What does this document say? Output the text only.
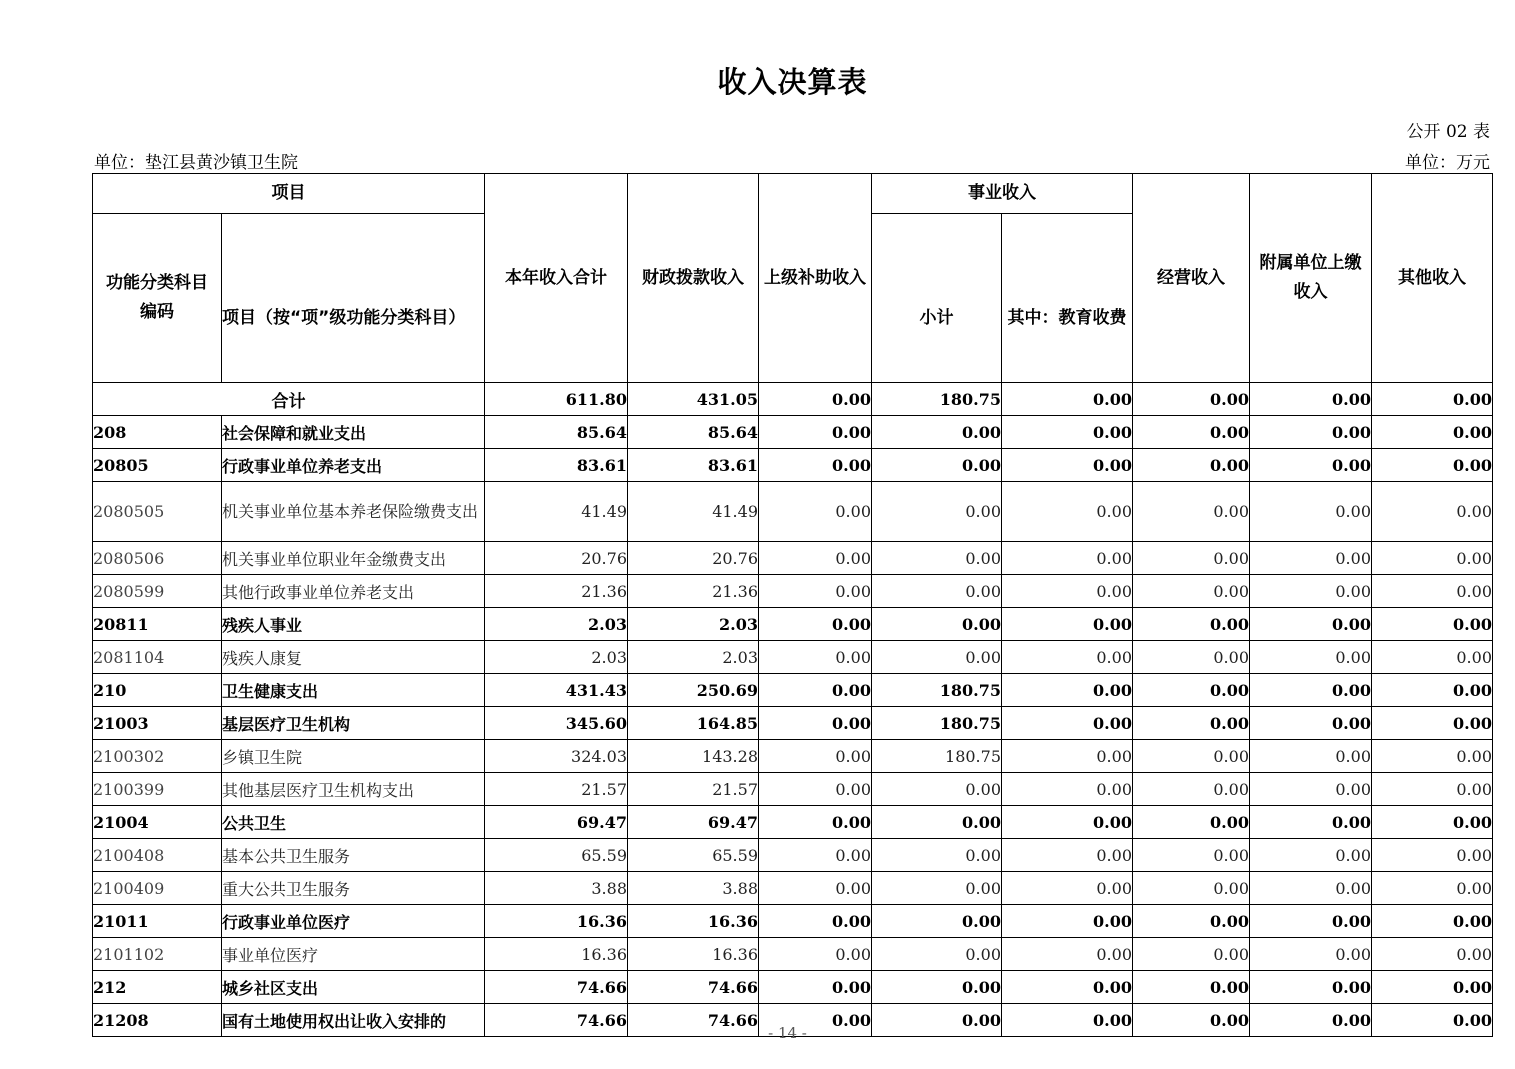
收入决算表
公开 02 表
单位：垫江县黄沙镇卫生院	单位：万元
项目		本年收入合计	财政拨款收入	上级补助收入	事业收入		经营收入	附属单位上缴收入	其他收入
功能分类科目编码	项目（按“项”级功能分类科目）				小计	其中：教育收费			
合计		611.80	431.05	0.00	180.75	0.00	0.00	0.00	0.00
208	社会保障和就业支出	85.64	85.64	0.00	0.00	0.00	0.00	0.00	0.00
20805	行政事业单位养老支出	83.61	83.61	0.00	0.00	0.00	0.00	0.00	0.00
2080505	机关事业单位基本养老保险缴费支出	41.49	41.49	0.00	0.00	0.00	0.00	0.00	0.00
2080506	机关事业单位职业年金缴费支出	20.76	20.76	0.00	0.00	0.00	0.00	0.00	0.00
2080599	其他行政事业单位养老支出	21.36	21.36	0.00	0.00	0.00	0.00	0.00	0.00
20811	残疾人事业	2.03	2.03	0.00	0.00	0.00	0.00	0.00	0.00
2081104	残疾人康复	2.03	2.03	0.00	0.00	0.00	0.00	0.00	0.00
210	卫生健康支出	431.43	250.69	0.00	180.75	0.00	0.00	0.00	0.00
21003	基层医疗卫生机构	345.60	164.85	0.00	180.75	0.00	0.00	0.00	0.00
2100302	乡镇卫生院	324.03	143.28	0.00	180.75	0.00	0.00	0.00	0.00
2100399	其他基层医疗卫生机构支出	21.57	21.57	0.00	0.00	0.00	0.00	0.00	0.00
21004	公共卫生	69.47	69.47	0.00	0.00	0.00	0.00	0.00	0.00
2100408	基本公共卫生服务	65.59	65.59	0.00	0.00	0.00	0.00	0.00	0.00
2100409	重大公共卫生服务	3.88	3.88	0.00	0.00	0.00	0.00	0.00	0.00
21011	行政事业单位医疗	16.36	16.36	0.00	0.00	0.00	0.00	0.00	0.00
2101102	事业单位医疗	16.36	16.36	0.00	0.00	0.00	0.00	0.00	0.00
212	城乡社区支出	74.66	74.66	0.00	0.00	0.00	0.00	0.00	0.00
21208	国有土地使用权出让收入安排的	74.66	74.66	0.00	0.00	0.00	0.00	0.00	0.00
- 14 -
